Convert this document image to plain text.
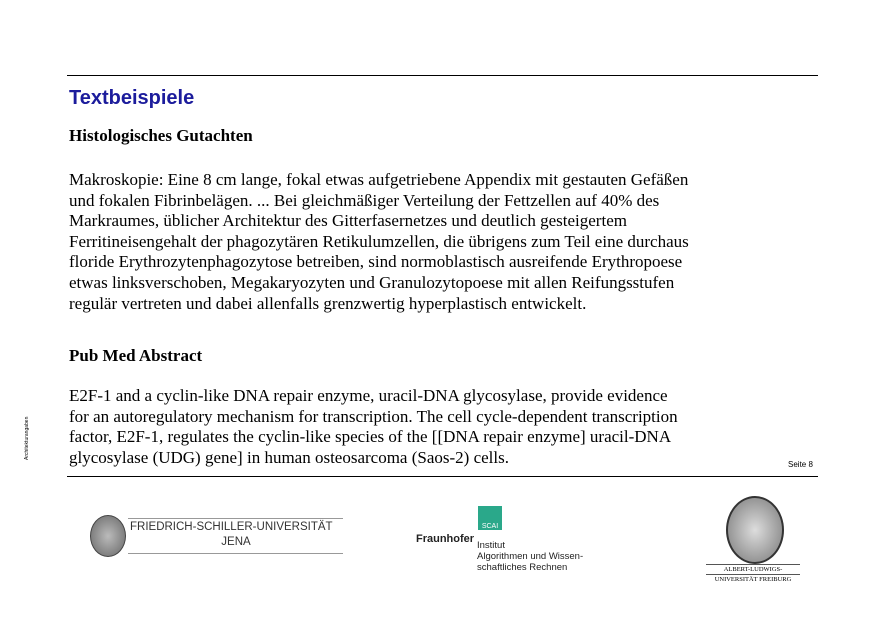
Textbeispiele
Histologisches Gutachten
Makroskopie: Eine 8 cm lange, fokal etwas aufgetriebene Appendix mit gestauten Gefäßen
und fokalen Fibrinbelägen. ... Bei gleichmäßiger Verteilung der Fettzellen auf 40% des
Markraumes, üblicher Architektur des Gitterfasernetzes und deutlich gesteigertem
Ferritineisengehalt der phagozytären Retikulumzellen, die übrigens zum Teil eine durchaus
floride Erythrozytenphagozytose betreiben, sind normoblastisch ausreifende Erythropoese
etwas linksverschoben, Megakaryozyten und Granulozytopoese mit allen Reifungsstufen
regulär vertreten und dabei allenfalls grenzwertig hyperplastisch entwickelt.
Pub Med Abstract
E2F-1 and a cyclin-like DNA repair enzyme, uracil-DNA glycosylase, provide evidence
for an autoregulatory mechanism for transcription. The cell cycle-dependent transcription
factor, E2F-1, regulates the cyclin-like species of the [[DNA repair enzyme] uracil-DNA
glycosylase (UDG) gene] in human osteosarcoma (Saos-2) cells.
Architekturangaben
Seite 8
FRIEDRICH-SCHILLER-UNIVERSITÄT
JENA
SCAI
Fraunhofer
Institut
Algorithmen und Wissen-
schaftliches Rechnen	ALBERT-LUDWIGS-
UNIVERSITÄT FREIBURG
